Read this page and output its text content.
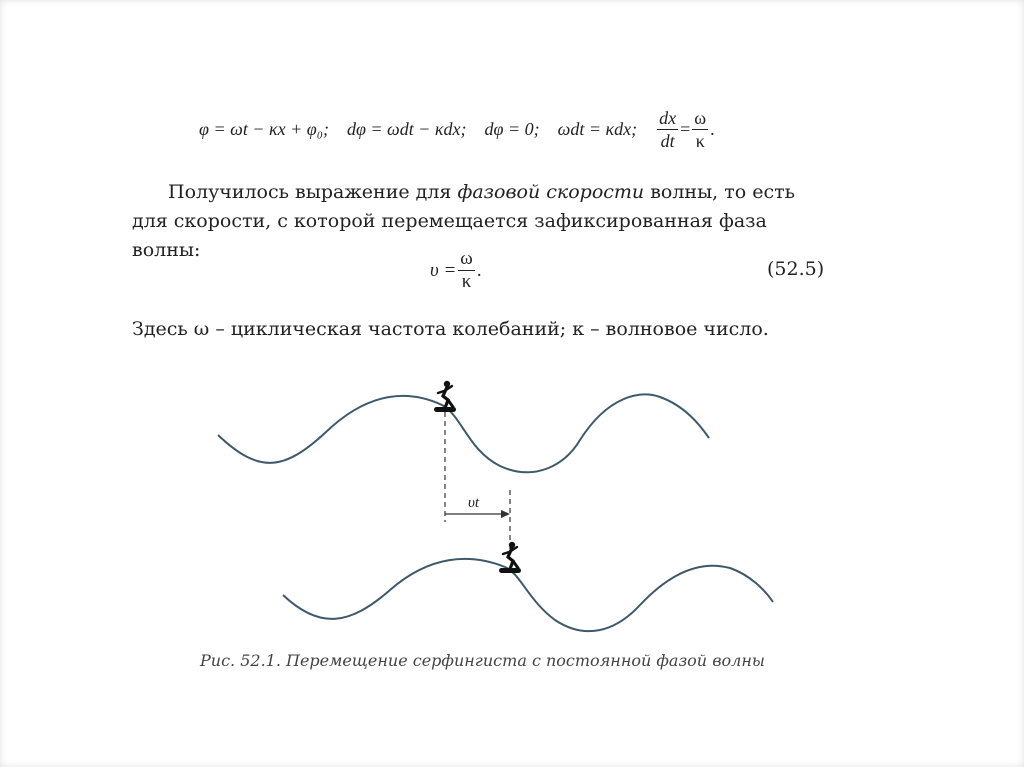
φ = ωt − κx + φ₀; dφ = ωdt − κdx; dφ = 0; ωdt = κdx; $\frac{dx}{dt} = \frac{\omega}{\kappa}$ .
Получилось выражение для фазовой скорости волны, то есть для скорости, с которой перемещается зафиксированная фаза волны:
$\upsilon = \frac{\omega}{\kappa}$ .	(52.5)
Здесь ω – циклическая частота колебаний; κ – волновое число.
υt
Рис. 52.1. Перемещение серфингиста с постоянной фазой волны
